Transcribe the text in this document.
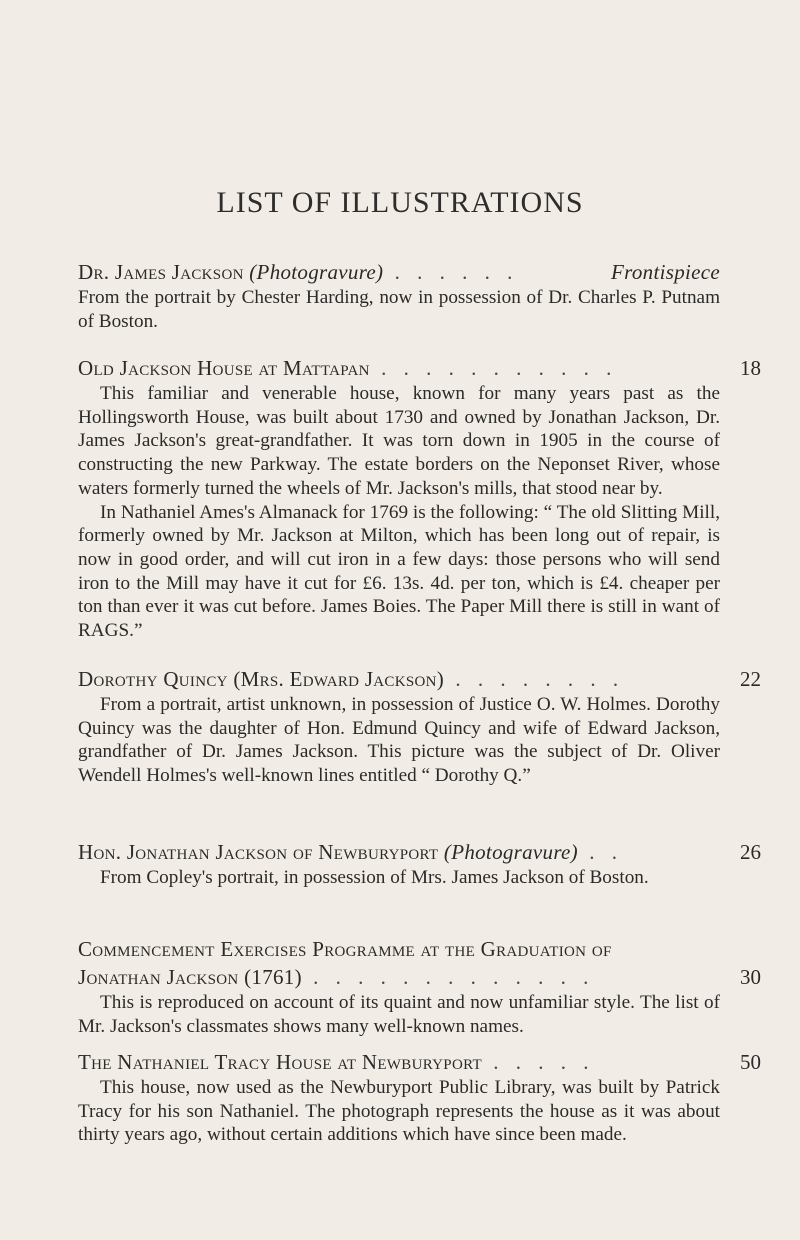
LIST OF ILLUSTRATIONS
Dr. James Jackson (Photogravure) . . . . . .	Frontispiece

From the portrait by Chester Harding, now in possession of Dr. Charles P. Putnam of Boston.

Old Jackson House at Mattapan . . . . . . . . . . .

This familiar and venerable house, known for many years past as the Hollingsworth House, was built about 1730 and owned by Jonathan Jackson, Dr. James Jackson's great-grandfather. It was torn down in 1905 in the course of constructing the new Parkway. The estate borders on the Neponset River, whose waters formerly turned the wheels of Mr. Jackson's mills, that stood near by.

In Nathaniel Ames's Almanack for 1769 is the following: “ The old Slitting Mill, formerly owned by Mr. Jackson at Milton, which has been long out of repair, is now in good order, and will cut iron in a few days: those persons who will send iron to the Mill may have it cut for £6. 13s. 4d. per ton, which is £4. cheaper per ton than ever it was cut before. James Boies. The Paper Mill there is still in want of RAGS.”

18
Dorothy Quincy (Mrs. Edward Jackson) . . . . . . . .

From a portrait, artist unknown, in possession of Justice O. W. Holmes. Dorothy Quincy was the daughter of Hon. Edmund Quincy and wife of Edward Jackson, grandfather of Dr. James Jackson. This picture was the subject of Dr. Oliver Wendell Holmes's well-known lines entitled “ Dorothy Q.”

22
Hon. Jonathan Jackson of Newburyport (Photogravure) . .

From Copley's portrait, in possession of Mrs. James Jackson of Boston.

26
Commencement Exercises Programme at the Graduation of
Jonathan Jackson (1761) . . . . . . . . . . . . .

This is reproduced on account of its quaint and now unfamiliar style. The list of Mr. Jackson's classmates shows many well-known names.

30
The Nathaniel Tracy House at Newburyport . . . . .

This house, now used as the Newburyport Public Library, was built by Patrick Tracy for his son Nathaniel. The photograph represents the house as it was about thirty years ago, without certain additions which have since been made.

50
